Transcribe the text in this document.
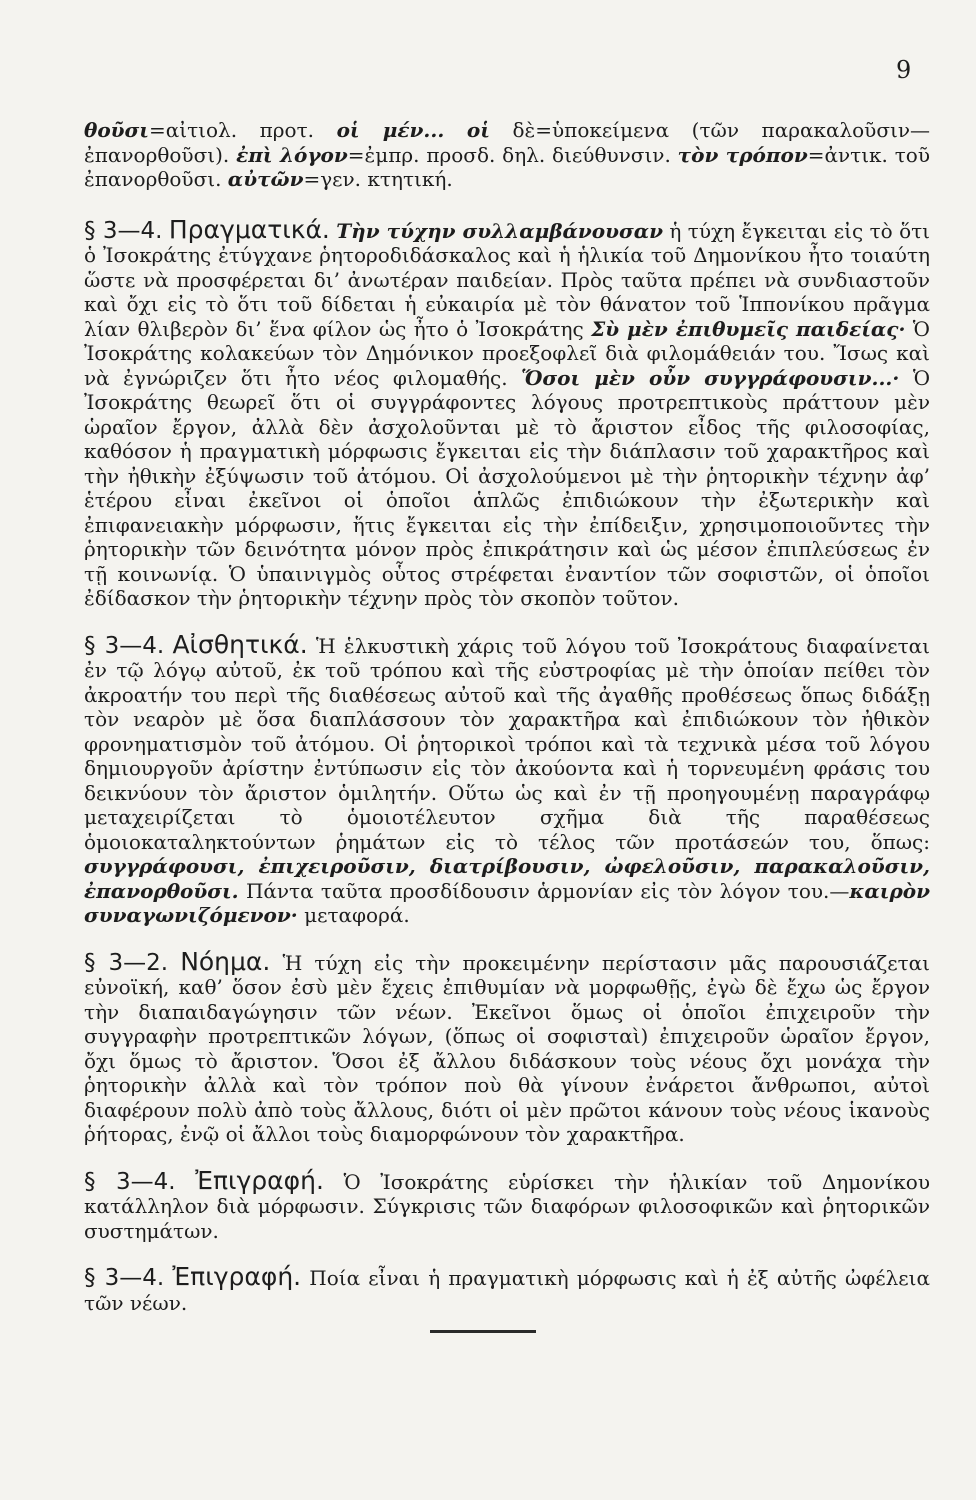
9

θοῦσι=αἰτιολ. προτ. οἱ μέν... οἱ δὲ=ὑποκείμενα (τῶν παρακαλοῦσιν—ἐπανορθοῦσι). ἐπὶ λόγον=ἐμπρ. προσδ. δηλ. διεύθυνσιν. τὸν τρόπον=ἀντικ. τοῦ ἐπανορθοῦσι. αὐτῶν=γεν. κτητική.

§ 3—4. Πραγματικά. Τὴν τύχην συλλαμβάνουσαν ἡ τύχη ἔγκειται εἰς τὸ ὅτι ὁ Ἰσοκράτης ἐτύγχανε ῥητοροδιδάσκαλος καὶ ἡ ἡλικία τοῦ Δημονίκου ἦτο τοιαύτη ὥστε νὰ προσφέρεται δι’ ἀνωτέραν παιδείαν. Πρὸς ταῦτα πρέπει νὰ συνδιαστοῦν καὶ ὄχι εἰς τὸ ὅτι τοῦ δίδεται ἡ εὐκαιρία μὲ τὸν θάνατον τοῦ Ἱππονίκου πρᾶγμα λίαν θλιβερὸν δι’ ἕνα φίλον ὡς ἦτο ὁ Ἰσοκράτης Σὺ μὲν ἐπιθυμεῖς παιδείας· Ὁ Ἰσοκράτης κολακεύων τὸν Δημόνικον προεξοφλεῖ διὰ φιλομάθειάν του. Ἴσως καὶ νὰ ἐγνώριζεν ὅτι ἦτο νέος φιλομαθής. Ὅσοι μὲν οὖν συγγράφουσιν...· Ὁ Ἰσοκράτης θεωρεῖ ὅτι οἱ συγγράφοντες λόγους προτρεπτικοὺς πράττουν μὲν ὡραῖον ἔργον, ἀλλὰ δὲν ἀσχολοῦνται μὲ τὸ ἄριστον εἶδος τῆς φιλοσοφίας, καθόσον ἡ πραγματικὴ μόρφωσις ἔγκειται εἰς τὴν διάπλασιν τοῦ χαρακτῆρος καὶ τὴν ἠθικὴν ἐξύψωσιν τοῦ ἀτόμου. Οἱ ἀσχολούμενοι μὲ τὴν ῥητορικὴν τέχνην ἀφ’ ἑτέρου εἶναι ἐκεῖνοι οἱ ὁποῖοι ἁπλῶς ἐπιδιώκουν τὴν ἐξωτερικὴν καὶ ἐπιφανειακὴν μόρφωσιν, ἥτις ἔγκειται εἰς τὴν ἐπίδειξιν, χρησιμοποιοῦντες τὴν ῥητορικὴν τῶν δεινότητα μόνον πρὸς ἐπικράτησιν καὶ ὡς μέσον ἐπιπλεύσεως ἐν τῇ κοινωνίᾳ. Ὁ ὑπαινιγμὸς οὗτος στρέφεται ἐναντίον τῶν σοφιστῶν, οἱ ὁποῖοι ἐδίδασκον τὴν ῥητορικὴν τέχνην πρὸς τὸν σκοπὸν τοῦτον.

§ 3—4. Αἰσθητικά. Ἡ ἑλκυστικὴ χάρις τοῦ λόγου τοῦ Ἰσοκράτους διαφαίνεται ἐν τῷ λόγῳ αὐτοῦ, ἐκ τοῦ τρόπου καὶ τῆς εὐστροφίας μὲ τὴν ὁποίαν πείθει τὸν ἀκροατήν του περὶ τῆς διαθέσεως αὐτοῦ καὶ τῆς ἀγαθῆς προθέσεως ὅπως διδάξῃ τὸν νεαρὸν μὲ ὅσα διαπλάσσουν τὸν χαρακτῆρα καὶ ἐπιδιώκουν τὸν ἠθικὸν φρονηματισμὸν τοῦ ἀτόμου. Οἱ ῥητορικοὶ τρόποι καὶ τὰ τεχνικὰ μέσα τοῦ λόγου δημιουργοῦν ἀρίστην ἐντύπωσιν εἰς τὸν ἀκούοντα καὶ ἡ τορνευμένη φράσις του δεικνύουν τὸν ἄριστον ὁμιλητήν. Οὕτω ὡς καὶ ἐν τῇ προηγουμένῃ παραγράφῳ μεταχειρίζεται τὸ ὁμοιοτέλευτον σχῆμα διὰ τῆς παραθέσεως ὁμοιοκαταληκτούντων ῥημάτων εἰς τὸ τέλος τῶν προτάσεών του, ὅπως: συγγράφουσι, ἐπιχειροῦσιν, διατρίβουσιν, ὠφελοῦσιν, παρακαλοῦσιν, ἐπανορθοῦσι. Πάντα ταῦτα προσδίδουσιν ἁρμονίαν εἰς τὸν λόγον του.—καιρὸν συναγωνιζόμενον· μεταφορά.

§ 3—2. Νόημα. Ἡ τύχη εἰς τὴν προκειμένην περίστασιν μᾶς παρουσιάζεται εὐνοϊκή, καθ’ ὅσον ἐσὺ μὲν ἔχεις ἐπιθυμίαν νὰ μορφωθῇς, ἐγὼ δὲ ἔχω ὡς ἔργον τὴν διαπαιδαγώγησιν τῶν νέων. Ἐκεῖνοι ὅμως οἱ ὁποῖοι ἐπιχειροῦν τὴν συγγραφὴν προτρεπτικῶν λόγων, (ὅπως οἱ σοφισταὶ) ἐπιχειροῦν ὡραῖον ἔργον, ὄχι ὅμως τὸ ἄριστον. Ὅσοι ἐξ ἄλλου διδάσκουν τοὺς νέους ὄχι μονάχα τὴν ῥητορικὴν ἀλλὰ καὶ τὸν τρόπον ποὺ θὰ γίνουν ἐνάρετοι ἄνθρωποι, αὐτοὶ διαφέρουν πολὺ ἀπὸ τοὺς ἄλλους, διότι οἱ μὲν πρῶτοι κάνουν τοὺς νέους ἱκανοὺς ῥήτορας, ἐνῷ οἱ ἄλλοι τοὺς διαμορφώνουν τὸν χαρακτῆρα.

§ 3—4. Ἐπιγραφή. Ὁ Ἰσοκράτης εὑρίσκει τὴν ἡλικίαν τοῦ Δημονίκου κατάλληλον διὰ μόρφωσιν. Σύγκρισις τῶν διαφόρων φιλοσοφικῶν καὶ ῥητορικῶν συστημάτων.

§ 3—4. Ἐπιγραφή. Ποία εἶναι ἡ πραγματικὴ μόρφωσις καὶ ἡ ἐξ αὐτῆς ὠφέλεια τῶν νέων.
